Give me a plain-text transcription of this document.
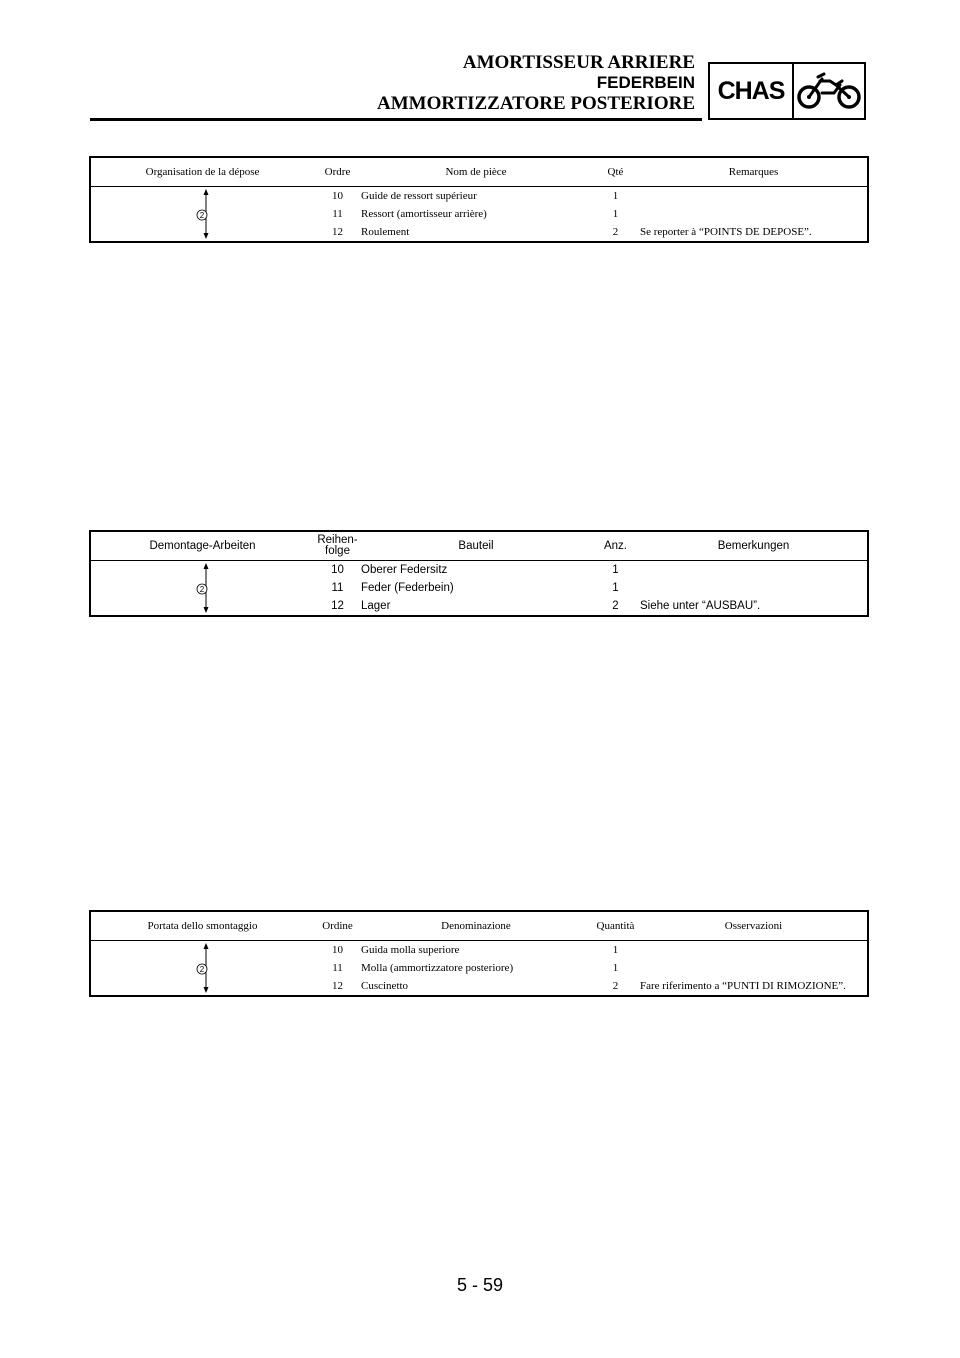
AMORTISSEUR ARRIERE
FEDERBEIN
AMMORTIZZATORE POSTERIORE CHAS
Organisation de la dépose	Ordre	Nom de pièce	Qté	Remarques

2	10	Guide de ressort supérieur	1	
	11	Ressort (amortisseur arrière)	1	
	12	Roulement	2	Se reporter à “POINTS DE DEPOSE”.
Demontage-Arbeiten	Reihen-
folge	Bauteil	Anz.	Bemerkungen

2	10	Oberer Federsitz	1	
	11	Feder (Federbein)	1	
	12	Lager	2	Siehe unter “AUSBAU”.
Portata dello smontaggio	Ordine	Denominazione	Quantità	Osservazioni

2	10	Guida molla superiore	1	
	11	Molla (ammortizzatore posteriore)	1	
	12	Cuscinetto	2	Fare riferimento a “PUNTI DI RIMOZIONE”.
5 - 59
